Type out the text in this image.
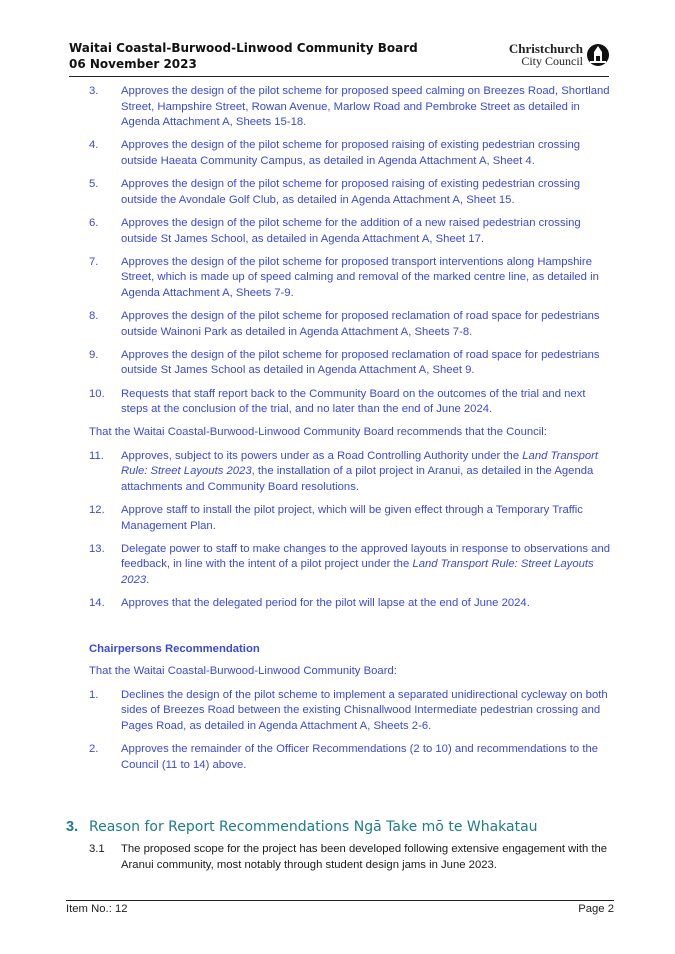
Waitai Coastal-Burwood-Linwood Community Board
06 November 2023
Christchurch
City Council
3.	Approves the design of the pilot scheme for proposed speed calming on Breezes Road, Shortland Street, Hampshire Street, Rowan Avenue, Marlow Road and Pembroke Street as detailed in Agenda Attachment A, Sheets 15-18.
4.	Approves the design of the pilot scheme for proposed raising of existing pedestrian crossing outside Haeata Community Campus, as detailed in Agenda Attachment A, Sheet 4.
5.	Approves the design of the pilot scheme for proposed raising of existing pedestrian crossing outside the Avondale Golf Club, as detailed in Agenda Attachment A, Sheet 15.
6.	Approves the design of the pilot scheme for the addition of a new raised pedestrian crossing outside St James School, as detailed in Agenda Attachment A, Sheet 17.
7.	Approves the design of the pilot scheme for proposed transport interventions along Hampshire Street, which is made up of speed calming and removal of the marked centre line, as detailed in Agenda Attachment A, Sheets 7-9.
8.	Approves the design of the pilot scheme for proposed reclamation of road space for pedestrians outside Wainoni Park as detailed in Agenda Attachment A, Sheets 7-8.
9.	Approves the design of the pilot scheme for proposed reclamation of road space for pedestrians outside St James School as detailed in Agenda Attachment A, Sheet 9.
10.	Requests that staff report back to the Community Board on the outcomes of the trial and next steps at the conclusion of the trial, and no later than the end of June 2024.
That the Waitai Coastal-Burwood-Linwood Community Board recommends that the Council:
11.	Approves, subject to its powers under as a Road Controlling Authority under the Land Transport Rule: Street Layouts 2023, the installation of a pilot project in Aranui, as detailed in the Agenda attachments and Community Board resolutions.
12.	Approve staff to install the pilot project, which will be given effect through a Temporary Traffic Management Plan.
13.	Delegate power to staff to make changes to the approved layouts in response to observations and feedback, in line with the intent of a pilot project under the Land Transport Rule: Street Layouts 2023.
14.	Approves that the delegated period for the pilot will lapse at the end of June 2024.
Chairpersons Recommendation
That the Waitai Coastal-Burwood-Linwood Community Board:
1.	Declines the design of the pilot scheme to implement a separated unidirectional cycleway on both sides of Breezes Road between the existing Chisnallwood Intermediate pedestrian crossing and Pages Road, as detailed in Agenda Attachment A, Sheets 2-6.
2.	Approves the remainder of the Officer Recommendations (2 to 10) and recommendations to the Council (11 to 14) above.
3. Reason for Report Recommendations Ngā Take mō te Whakatau
3.1	The proposed scope for the project has been developed following extensive engagement with the Aranui community, most notably through student design jams in June 2023.
Item No.: 12	Page 2
